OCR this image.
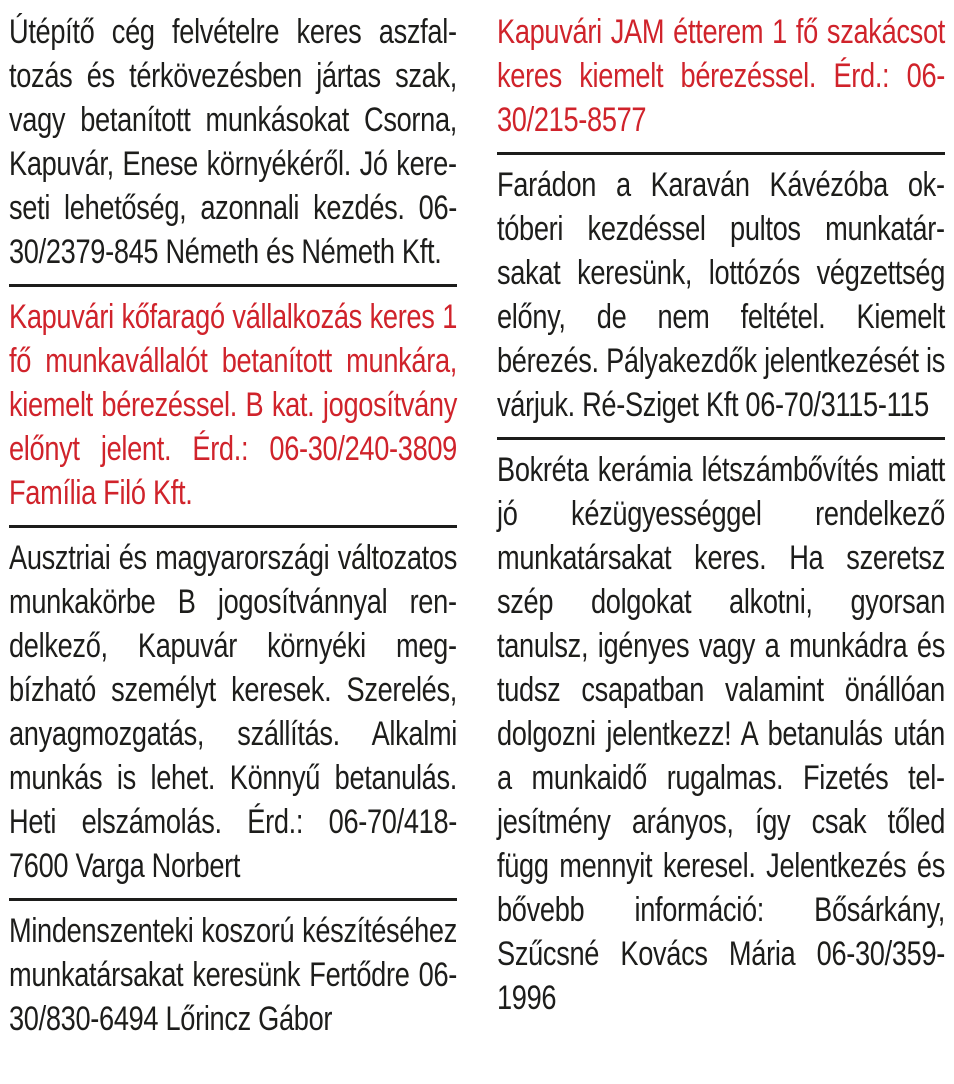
Útépítő cég felvételre keres aszfaltozás és térkövezésben jártas szak, vagy betanított munkásokat Csorna, Kapuvár, Enese környékéről. Jó kereseti lehetőség, azonnali kezdés. 06-30/2379-845 Németh és Németh Kft.
Kapuvári kőfaragó vállalkozás keres 1 fő munkavállalót betanított munkára, kiemelt bérezéssel. B kat. jogosítvány előnyt jelent. Érd.: 06-30/240-3809 Família Filó Kft.
Ausztriai és magyarországi változatos munkakörbe B jogosítvánnyal rendelkező, Kapuvár környéki megbízható személyt keresek. Szerelés, anyagmozgatás, szállítás. Alkalmi munkás is lehet. Könnyű betanulás. Heti elszámolás. Érd.: 06-70/418-7600 Varga Norbert
Mindenszenteki koszorú készítéséhez munkatársakat keresünk Fertődre 06-30/830-6494 Lőrincz Gábor
Kapuvári JAM étterem 1 fő szakácsot keres kiemelt bérezéssel. Érd.: 06-30/215-8577
Farádon a Karaván Kávézóba októberi kezdéssel pultos munkatársakat keresünk, lottózós végzettség előny, de nem feltétel. Kiemelt bérezés. Pályakezdők jelentkezését is várjuk. Ré-Sziget Kft 06-70/3115-115
Bokréta kerámia létszámbővítés miatt jó kézügyességgel rendelkező munkatársakat keres. Ha szeretsz szép dolgokat alkotni, gyorsan tanulsz, igényes vagy a munkádra és tudsz csapatban valamint önállóan dolgozni jelentkezz! A betanulás után a munkaidő rugalmas. Fizetés teljesítmény arányos, így csak tőled függ mennyit keresel. Jelentkezés és bővebb információ: Bősárkány, Szűcsné Kovács Mária 06-30/359-1996
